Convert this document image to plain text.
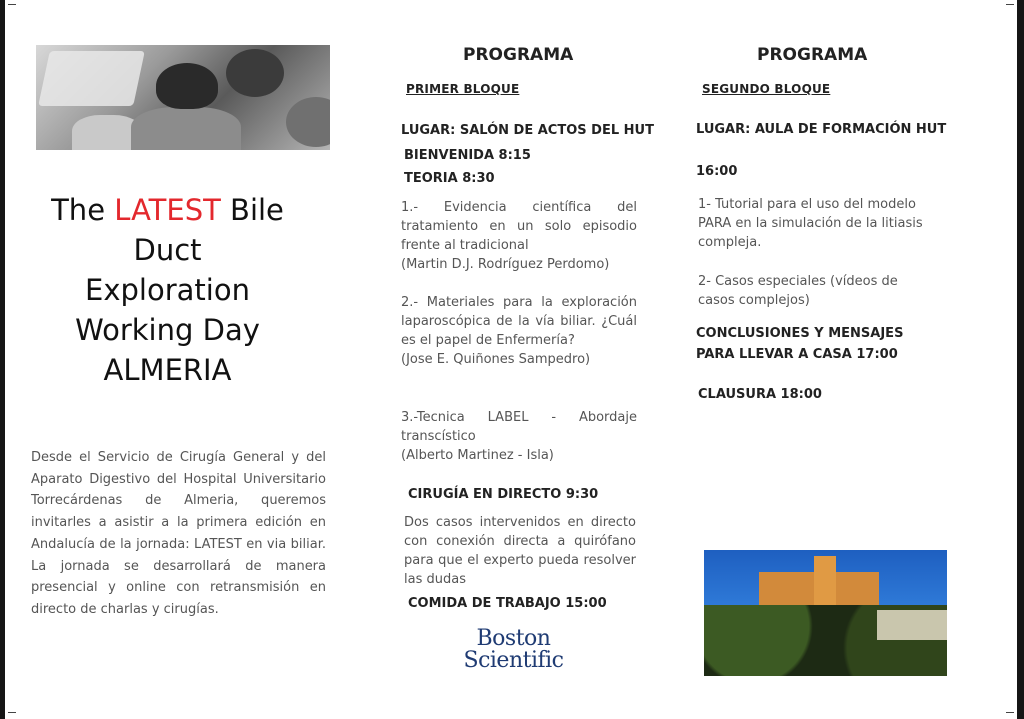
The LATEST Bile
Duct
Exploration
Working Day
ALMERIA
Desde el Servicio de Cirugía General y del Aparato Digestivo del Hospital Universitario Torrecárdenas de Almeria, queremos invitarles a asistir a la primera edición en Andalucía de la jornada: LATEST en via biliar. La jornada se desarrollará de manera presencial y online con retransmisión en directo de charlas y cirugías.
PROGRAMA
PRIMER BLOQUE
LUGAR: SALÓN DE ACTOS DEL HUT
BIENVENIDA 8:15
TEORIA 8:30

1.- Evidencia científica del tratamiento en un solo episodio frente al tradicional

(Martin D.J. Rodríguez Perdomo)

2.- Materiales para la exploración laparoscópica de la vía biliar. ¿Cuál es el papel de Enfermería?

(Jose E. Quiñones Sampedro)

3.-Tecnica LABEL - Abordaje transcístico

(Alberto Martinez - Isla)

CIRUGÍA EN DIRECTO 9:30
Dos casos intervenidos en directo con conexión directa a quirófano para que el experto pueda resolver las dudas
COMIDA DE TRABAJO 15:00
Boston
Scientific
PROGRAMA
SEGUNDO BLOQUE
LUGAR: AULA DE FORMACIÓN HUT
16:00
1- Tutorial para el uso del modelo PARA en la simulación de la litiasis compleja.
2- Casos especiales (vídeos de casos complejos)
CONCLUSIONES Y MENSAJES
PARA LLEVAR A CASA 17:00
CLAUSURA 18:00
